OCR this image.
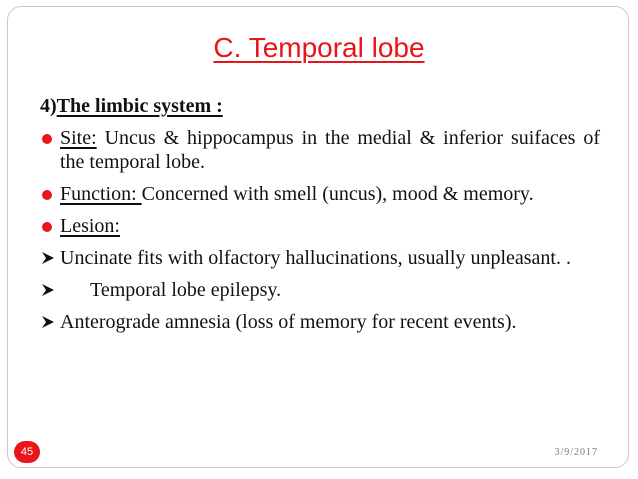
C. Temporal lobe
4)The limbic system :
Site: Uncus & hippocampus in the medial & inferior suifaces of the temporal lobe.
Function: Concerned with smell (uncus), mood & memory.
Lesion:
Uncinate fits with olfactory hallucinations, usually unpleasant. .
Temporal lobe epilepsy.
Anterograde amnesia (loss of memory for recent events).
45	3/9/2017
